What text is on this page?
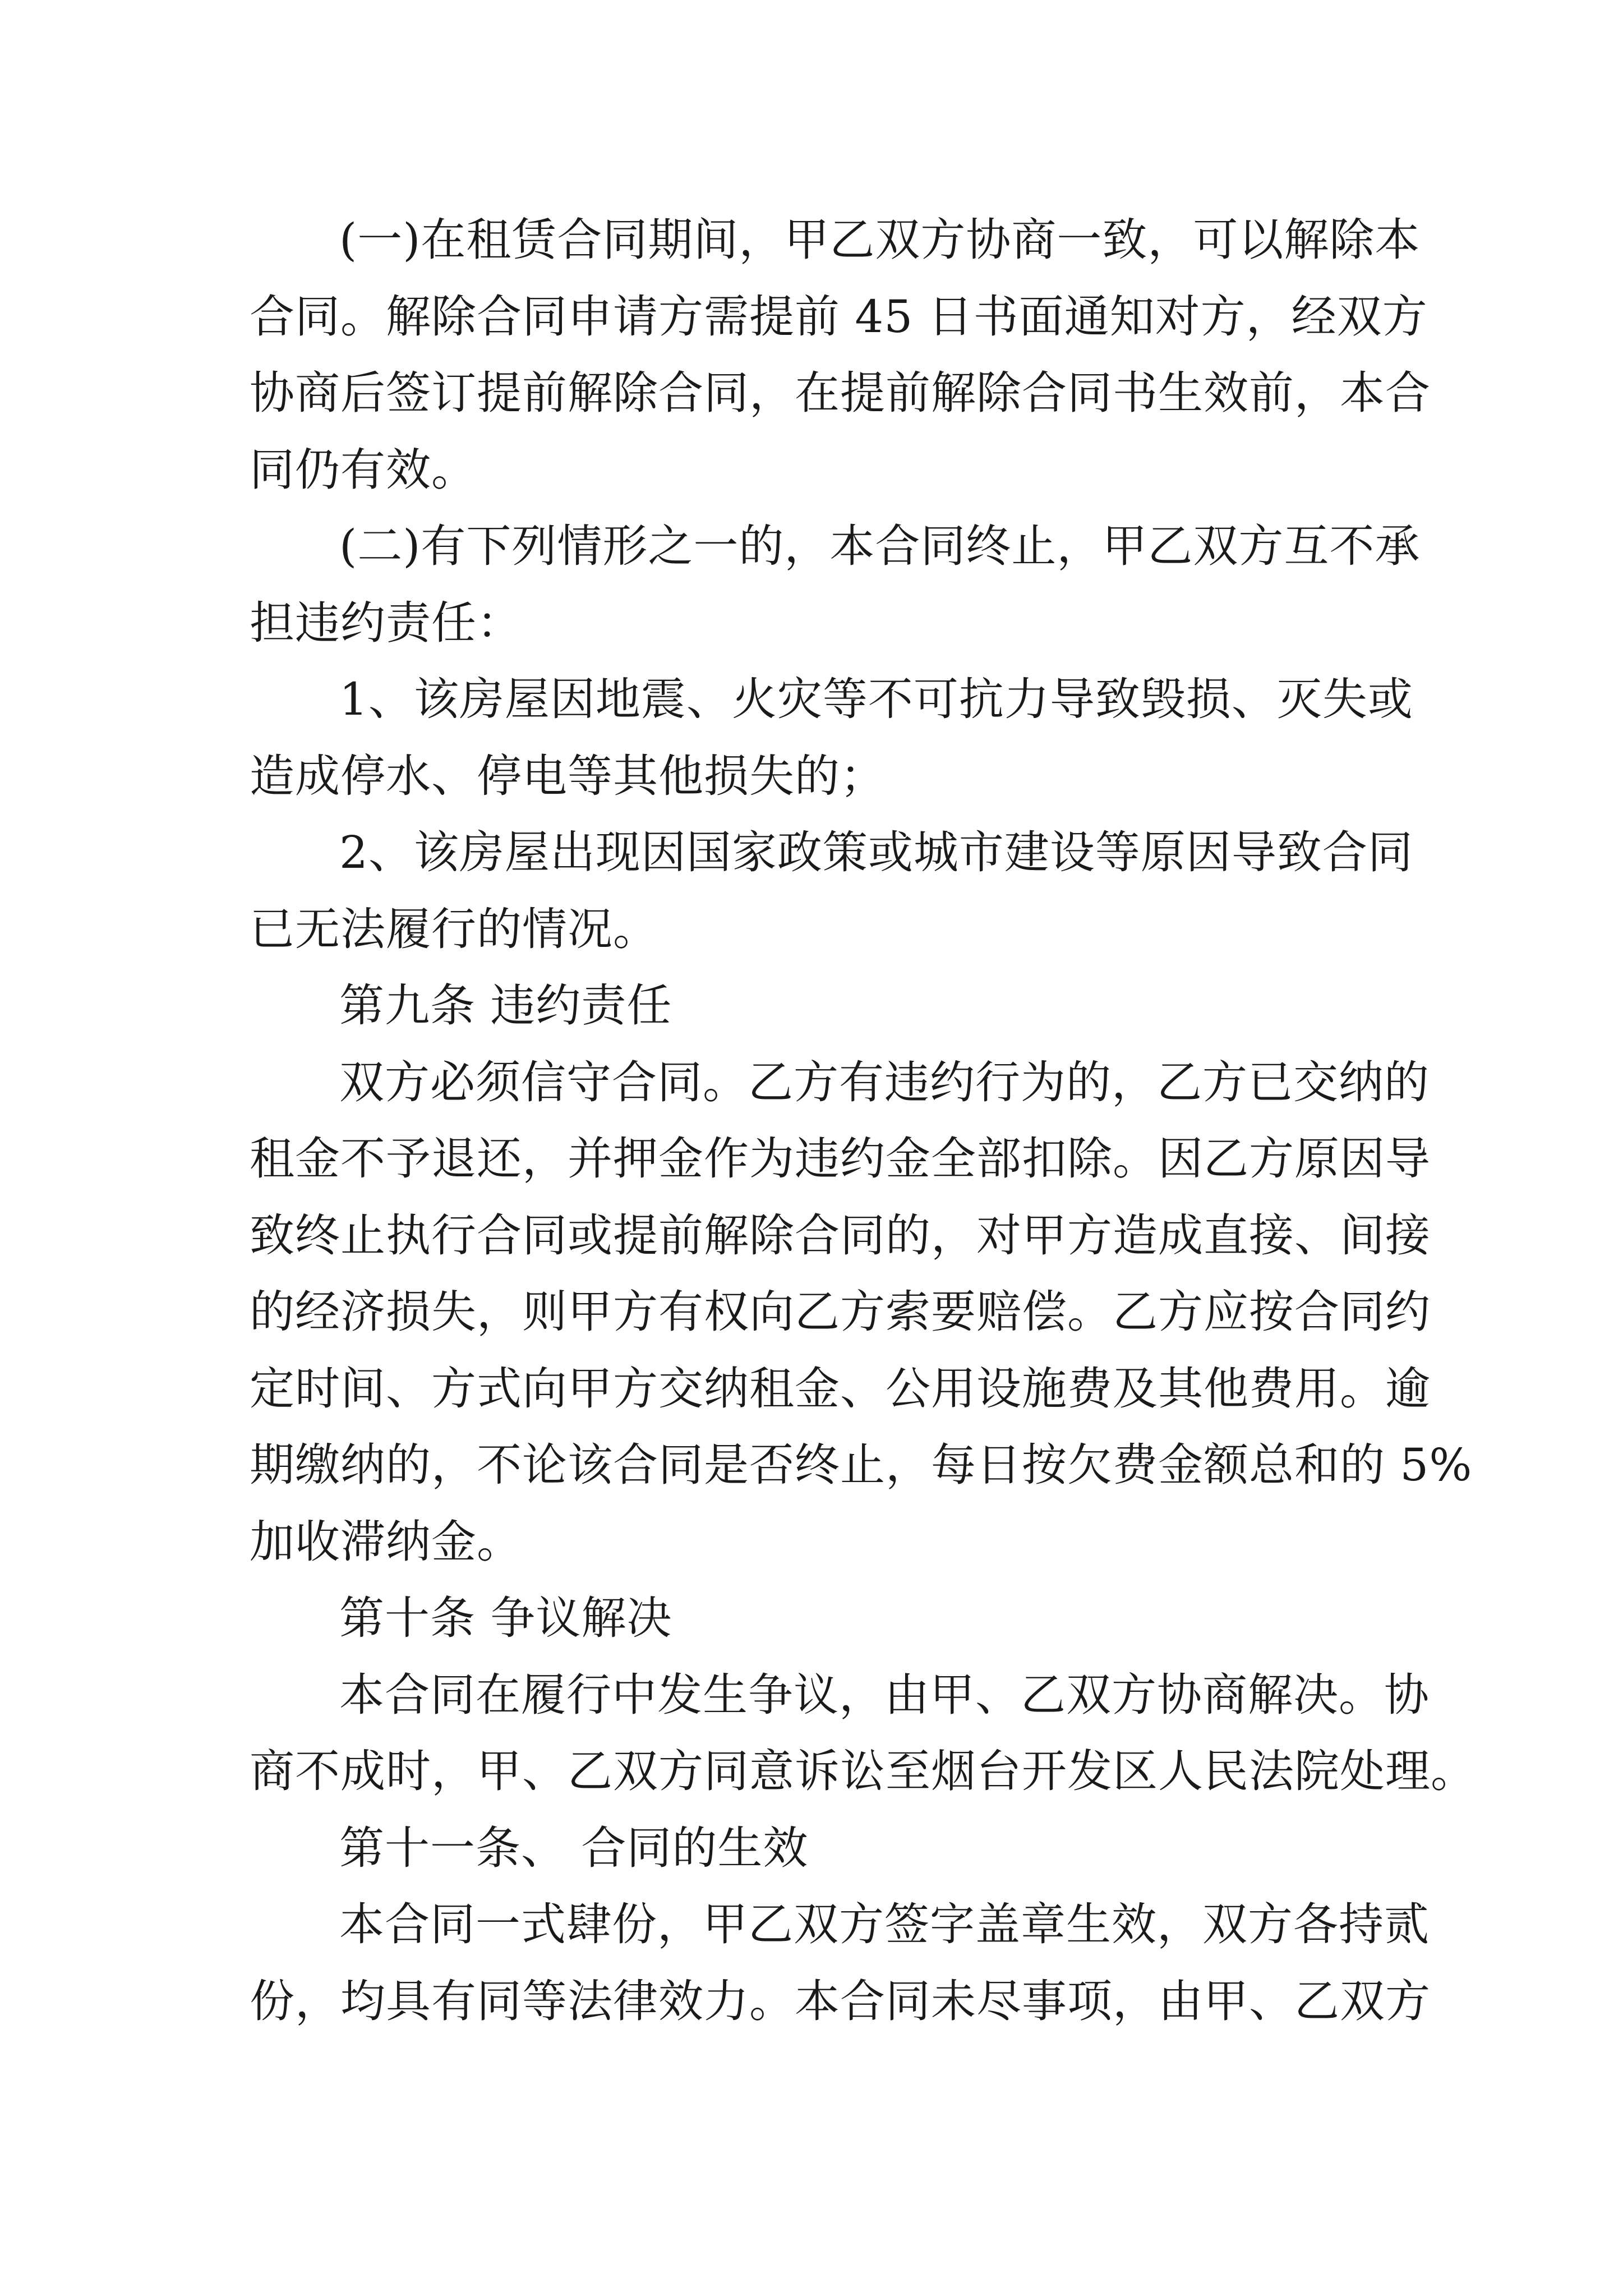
(一)在租赁合同期间，甲乙双方协商一致，可以解除本
合同。解除合同申请方需提前 45 日书面通知对方，经双方
协商后签订提前解除合同，在提前解除合同书生效前，本合
同仍有效。
(二)有下列情形之一的，本合同终止，甲乙双方互不承
担违约责任：
1、该房屋因地震、火灾等不可抗力导致毁损、灭失或
造成停水、停电等其他损失的；
2、该房屋出现因国家政策或城市建设等原因导致合同
已无法履行的情况。
第九条 违约责任
双方必须信守合同。乙方有违约行为的，乙方已交纳的
租金不予退还，并押金作为违约金全部扣除。因乙方原因导
致终止执行合同或提前解除合同的，对甲方造成直接、间接
的经济损失，则甲方有权向乙方索要赔偿。乙方应按合同约
定时间、方式向甲方交纳租金、公用设施费及其他费用。逾
期缴纳的，不论该合同是否终止，每日按欠费金额总和的 5%
加收滞纳金。
第十条 争议解决
本合同在履行中发生争议，由甲、乙双方协商解决。协
商不成时，甲、乙双方同意诉讼至烟台开发区人民法院处理。
第十一条、 合同的生效
本合同一式肆份，甲乙双方签字盖章生效，双方各持贰
份，均具有同等法律效力。本合同未尽事项，由甲、乙双方
